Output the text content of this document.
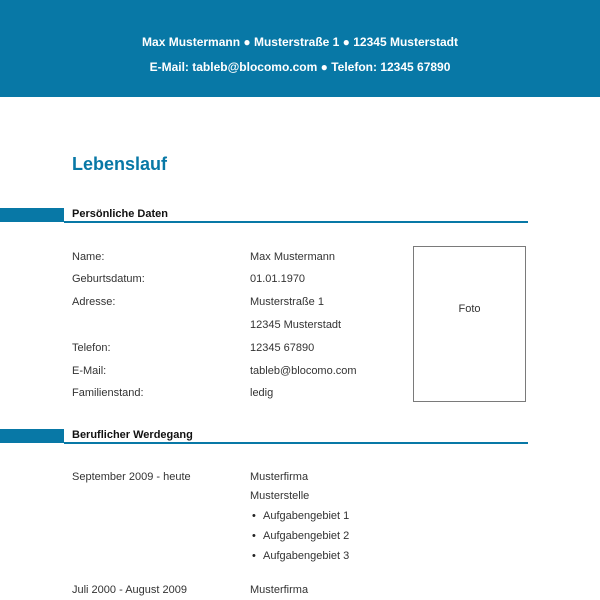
Max Mustermann ● Musterstraße 1 ● 12345 Musterstadt
E-Mail: tableb@blocomo.com ● Telefon: 12345 67890
Lebenslauf
Persönliche Daten
Name:	Max Mustermann
Geburtsdatum:	01.01.1970
Adresse:	Musterstraße 1
12345 Musterstadt
Telefon:	12345 67890
E-Mail:	tableb@blocomo.com
Familienstand:	ledig
Foto
Beruflicher Werdegang
September 2009 - heute	Musterfirma
Musterstelle
• Aufgabengebiet 1
• Aufgabengebiet 2
• Aufgabengebiet 3
Juli 2000 - August 2009	Musterfirma
